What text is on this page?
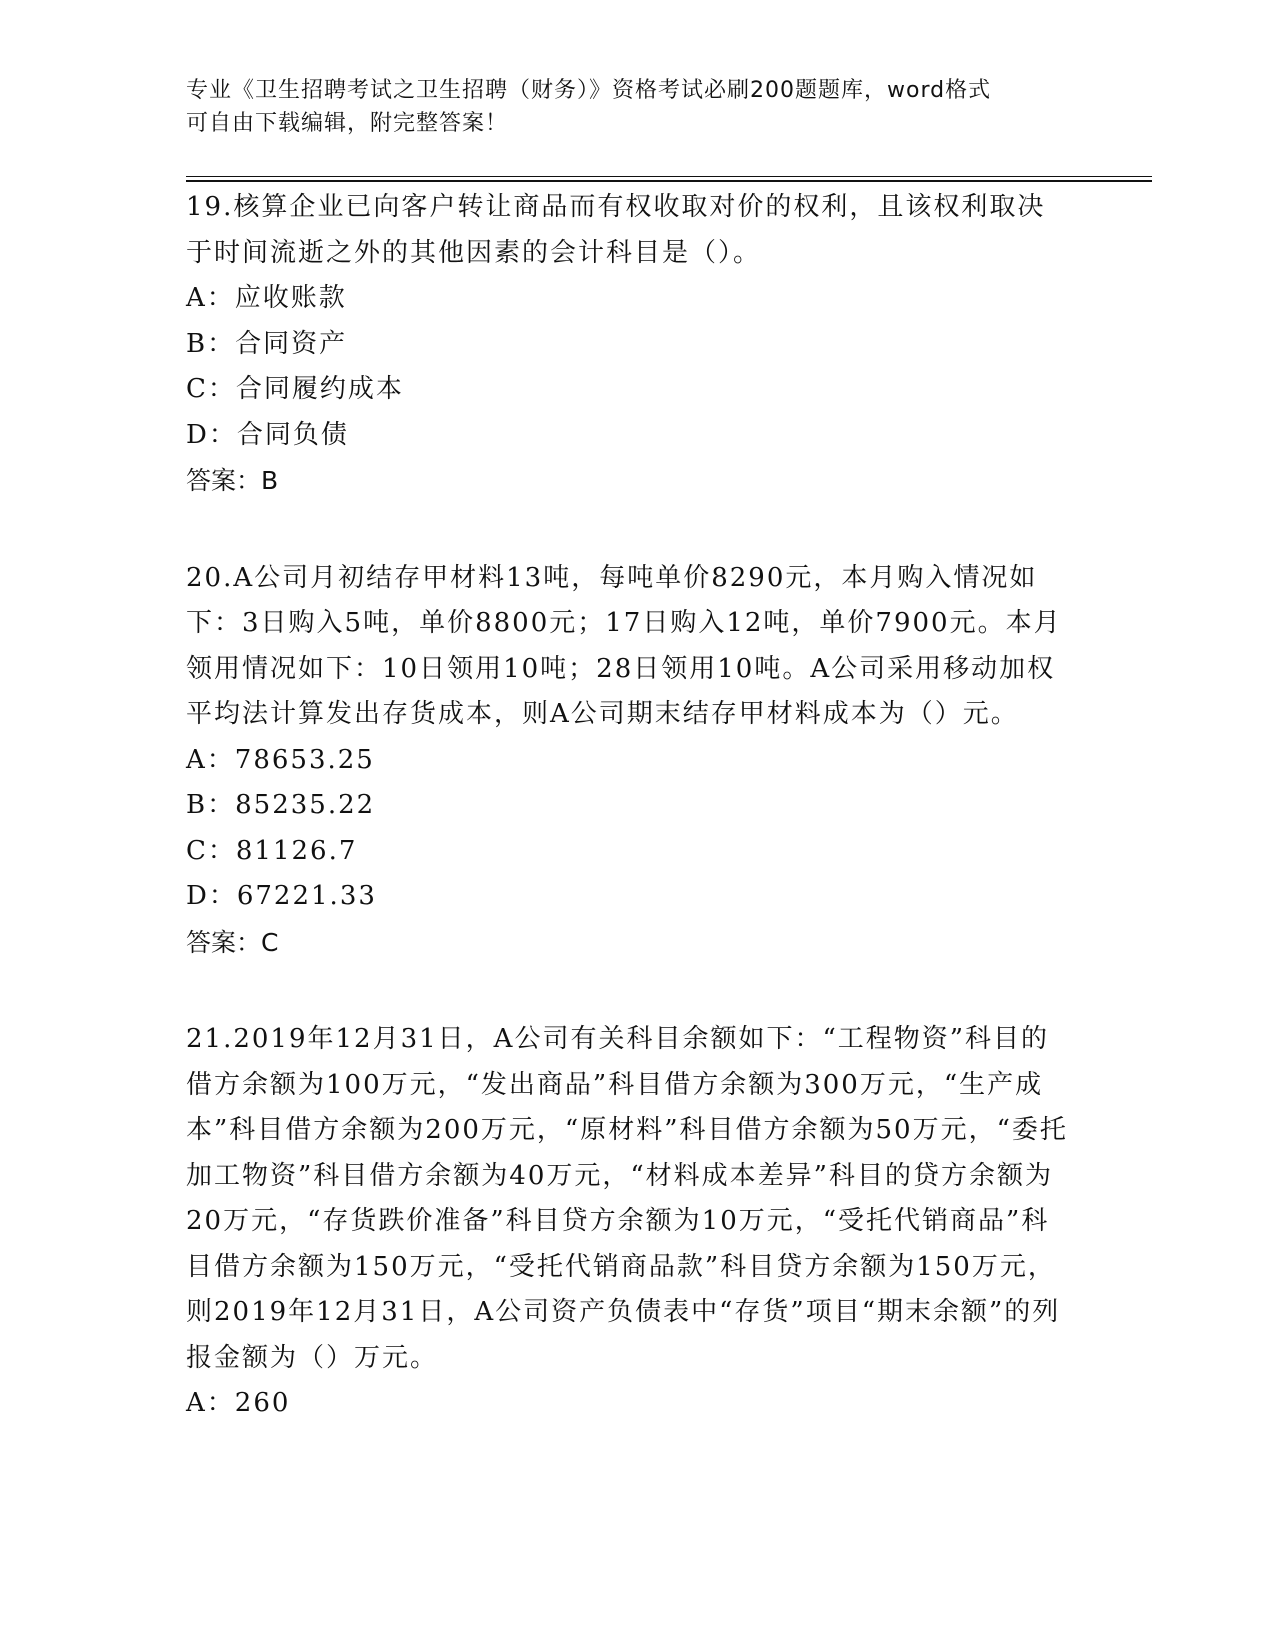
专业《卫生招聘考试之卫生招聘（财务）》资格考试必刷200题题库，word格式
可自由下载编辑，附完整答案！

19.核算企业已向客户转让商品而有权收取对价的权利，且该权利取决于时间流逝之外的其他因素的会计科目是（）。

A：应收账款

B：合同资产

C：合同履约成本

D：合同负债

答案：B

20.A公司月初结存甲材料13吨，每吨单价8290元，本月购入情况如下：3日购入5吨，单价8800元；17日购入12吨，单价7900元。本月领用情况如下：10日领用10吨；28日领用10吨。A公司采用移动加权平均法计算发出存货成本，则A公司期末结存甲材料成本为（）元。

A：78653.25

B：85235.22

C：81126.7

D：67221.33

答案：C

21.2019年12月31日，A公司有关科目余额如下：“工程物资”科目的借方余额为100万元，“发出商品”科目借方余额为300万元，“生产成本”科目借方余额为200万元，“原材料”科目借方余额为50万元，“委托加工物资”科目借方余额为40万元，“材料成本差异”科目的贷方余额为20万元，“存货跌价准备”科目贷方余额为10万元，“受托代销商品”科目借方余额为150万元，“受托代销商品款”科目贷方余额为150万元，则2019年12月31日，A公司资产负债表中“存货”项目“期末余额”的列报金额为（）万元。

A：260
